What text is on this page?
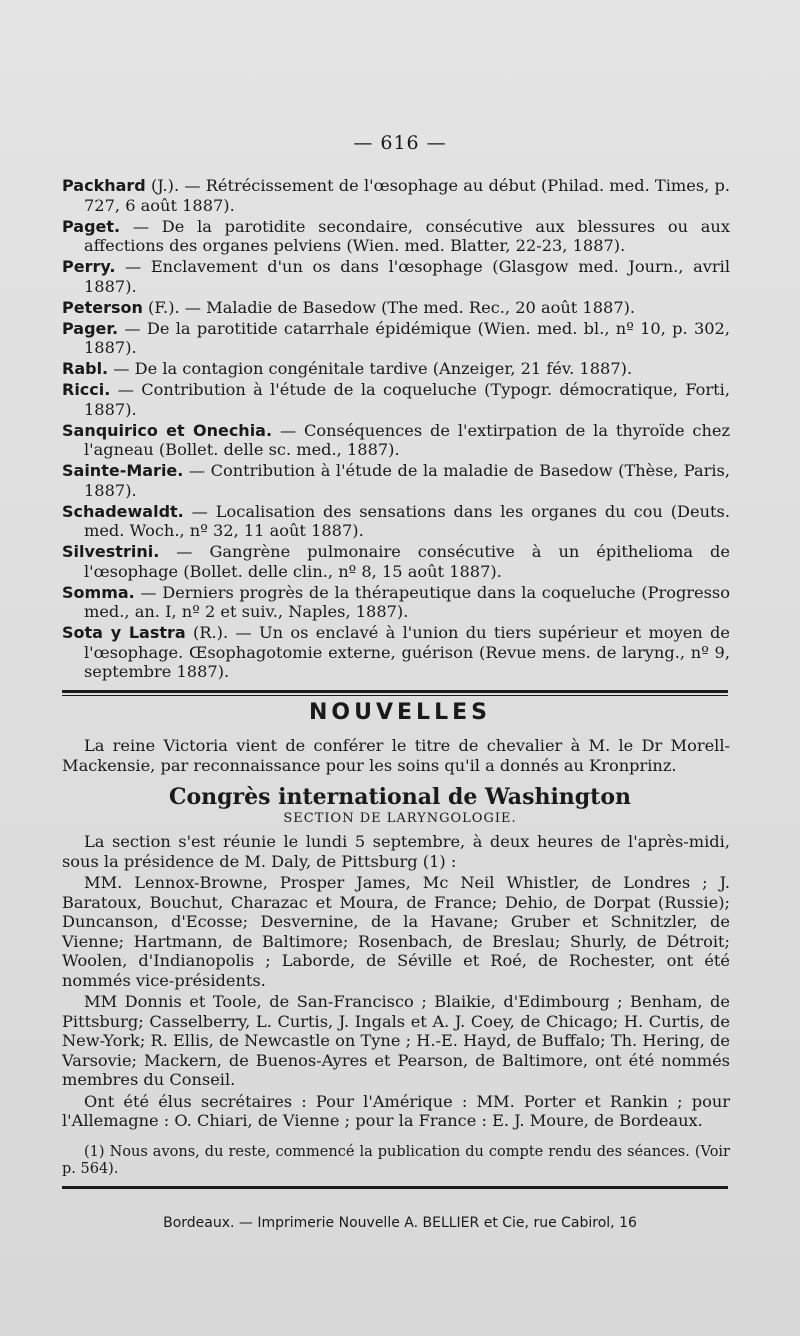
— 616 —

Packhard (J.). — Rétrécissement de l'œsophage au début (Philad. med. Times, p. 727, 6 août 1887).

Paget. — De la parotidite secondaire, consécutive aux blessures ou aux affections des organes pelviens (Wien. med. Blatter, 22-23, 1887).

Perry. — Enclavement d'un os dans l'œsophage (Glasgow med. Journ., avril 1887).

Peterson (F.). — Maladie de Basedow (The med. Rec., 20 août 1887).

Pager. — De la parotitide catarrhale épidémique (Wien. med. bl., nº 10, p. 302, 1887).

Rabl. — De la contagion congénitale tardive (Anzeiger, 21 fév. 1887).

Ricci. — Contribution à l'étude de la coqueluche (Typogr. démocratique, Forti, 1887).

Sanquirico et Onechia. — Conséquences de l'extirpation de la thyroïde chez l'agneau (Bollet. delle sc. med., 1887).

Sainte-Marie. — Contribution à l'étude de la maladie de Basedow (Thèse, Paris, 1887).

Schadewaldt. — Localisation des sensations dans les organes du cou (Deuts. med. Woch., nº 32, 11 août 1887).

Silvestrini. — Gangrène pulmonaire consécutive à un épithelioma de l'œsophage (Bollet. delle clin., nº 8, 15 août 1887).

Somma. — Derniers progrès de la thérapeutique dans la coqueluche (Progresso med., an. I, nº 2 et suiv., Naples, 1887).

Sota y Lastra (R.). — Un os enclavé à l'union du tiers supérieur et moyen de l'œsophage. Œsophagotomie externe, guérison (Revue mens. de laryng., nº 9, septembre 1887).

NOUVELLES

La reine Victoria vient de conférer le titre de chevalier à M. le Dr Morell-Mackensie, par reconnaissance pour les soins qu'il a donnés au Kronprinz.

Congrès international de Washington
SECTION DE LARYNGOLOGIE.

La section s'est réunie le lundi 5 septembre, à deux heures de l'après-midi, sous la présidence de M. Daly, de Pittsburg (1) :

MM. Lennox-Browne, Prosper James, Mc Neil Whistler, de Londres ; J. Baratoux, Bouchut, Charazac et Moura, de France; Dehio, de Dorpat (Russie); Duncanson, d'Ecosse; Desvernine, de la Havane; Gruber et Schnitzler, de Vienne; Hartmann, de Baltimore; Rosenbach, de Breslau; Shurly, de Détroit; Woolen, d'Indianopolis ; Laborde, de Séville et Roé, de Rochester, ont été nommés vice-présidents.

MM Donnis et Toole, de San-Francisco ; Blaikie, d'Edimbourg ; Benham, de Pittsburg; Casselberry, L. Curtis, J. Ingals et A. J. Coey, de Chicago; H. Curtis, de New-York; R. Ellis, de Newcastle on Tyne ; H.-E. Hayd, de Buffalo; Th. Hering, de Varsovie; Mackern, de Buenos-Ayres et Pearson, de Baltimore, ont été nommés membres du Conseil.

Ont été élus secrétaires : Pour l'Amérique : MM. Porter et Rankin ; pour l'Allemagne : O. Chiari, de Vienne ; pour la France : E. J. Moure, de Bordeaux.

(1) Nous avons, du reste, commencé la publication du compte rendu des séances. (Voir p. 564).

Bordeaux. — Imprimerie Nouvelle A. BELLIER et Cie, rue Cabirol, 16
